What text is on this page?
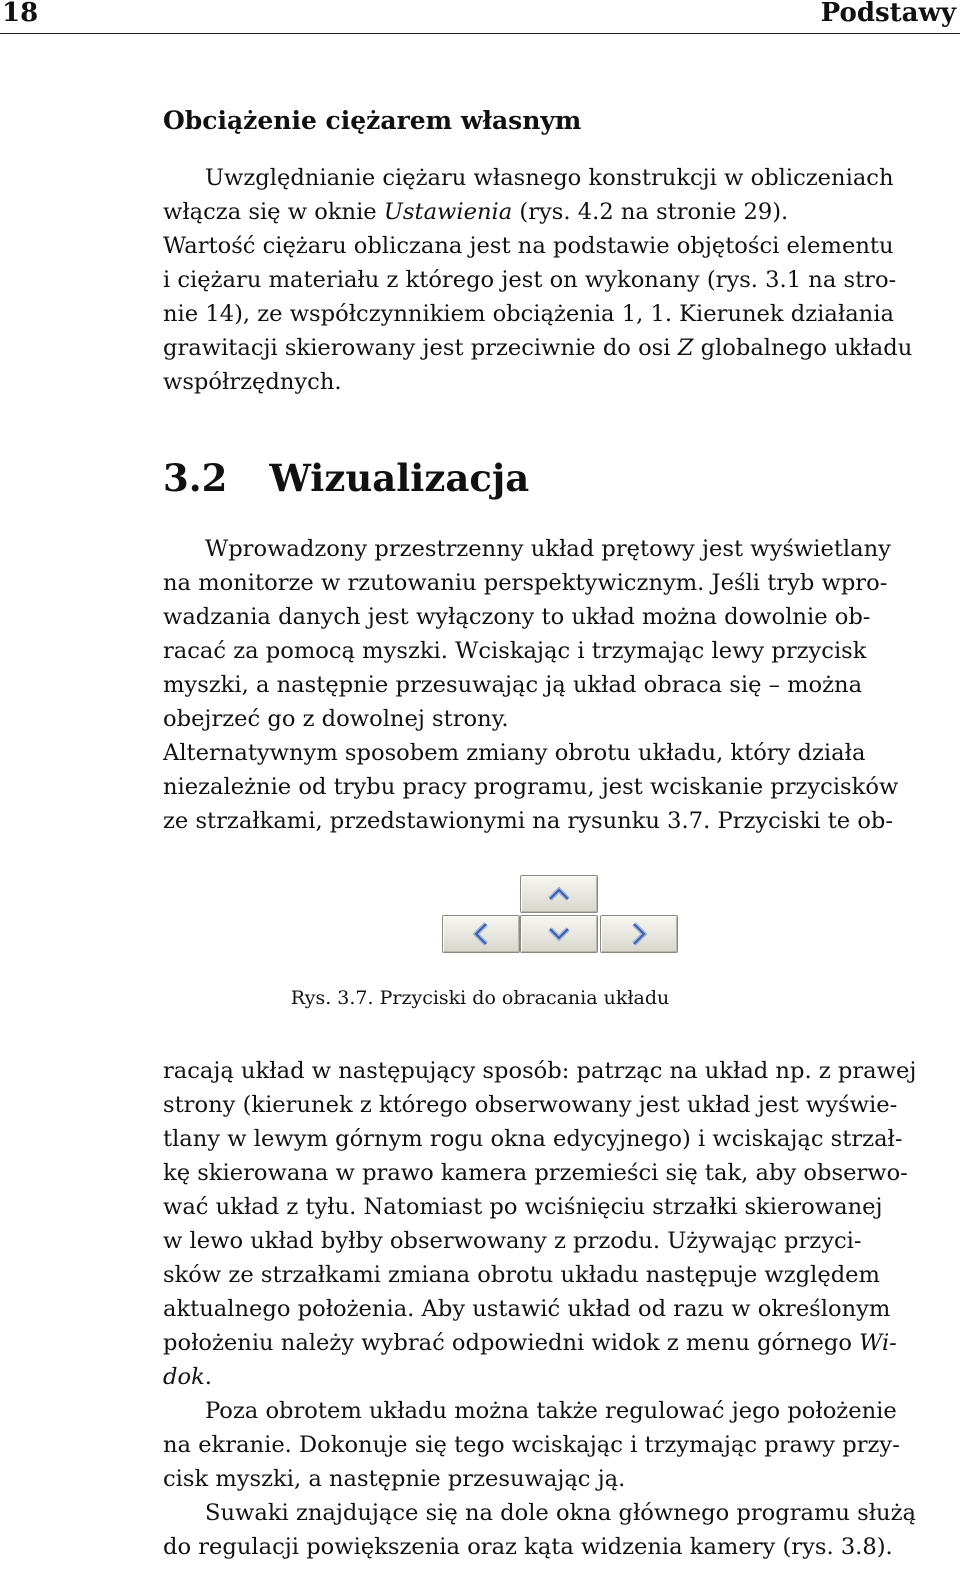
18	Podstawy
Obciążenie ciężarem własnym
Uwzględnianie ciężaru własnego konstrukcji w obliczeniach
włącza się w oknie Ustawienia (rys. 4.2 na stronie 29).
Wartość ciężaru obliczana jest na podstawie objętości elementu
i ciężaru materiału z którego jest on wykonany (rys. 3.1 na stro-
nie 14), ze współczynnikiem obciążenia 1, 1. Kierunek działania
grawitacji skierowany jest przeciwnie do osi Z globalnego układu
współrzędnych.
3.2 Wizualizacja
Wprowadzony przestrzenny układ prętowy jest wyświetlany
na monitorze w rzutowaniu perspektywicznym. Jeśli tryb wpro-
wadzania danych jest wyłączony to układ można dowolnie ob-
racać za pomocą myszki. Wciskając i trzymając lewy przycisk
myszki, a następnie przesuwając ją układ obraca się – można
obejrzeć go z dowolnej strony.
Alternatywnym sposobem zmiany obrotu układu, który działa
niezależnie od trybu pracy programu, jest wciskanie przycisków
ze strzałkami, przedstawionymi na rysunku 3.7. Przyciski te ob-
Rys. 3.7. Przyciski do obracania układu
racają układ w następujący sposób: patrząc na układ np. z prawej
strony (kierunek z którego obserwowany jest układ jest wyświe-
tlany w lewym górnym rogu okna edycyjnego) i wciskając strzał-
kę skierowana w prawo kamera przemieści się tak, aby obserwo-
wać układ z tyłu. Natomiast po wciśnięciu strzałki skierowanej
w lewo układ byłby obserwowany z przodu. Używając przyci-
sków ze strzałkami zmiana obrotu układu następuje względem
aktualnego położenia. Aby ustawić układ od razu w określonym
położeniu należy wybrać odpowiedni widok z menu górnego Wi-
dok.
Poza obrotem układu można także regulować jego położenie
na ekranie. Dokonuje się tego wciskając i trzymając prawy przy-
cisk myszki, a następnie przesuwając ją.
Suwaki znajdujące się na dole okna głównego programu służą
do regulacji powiększenia oraz kąta widzenia kamery (rys. 3.8).
